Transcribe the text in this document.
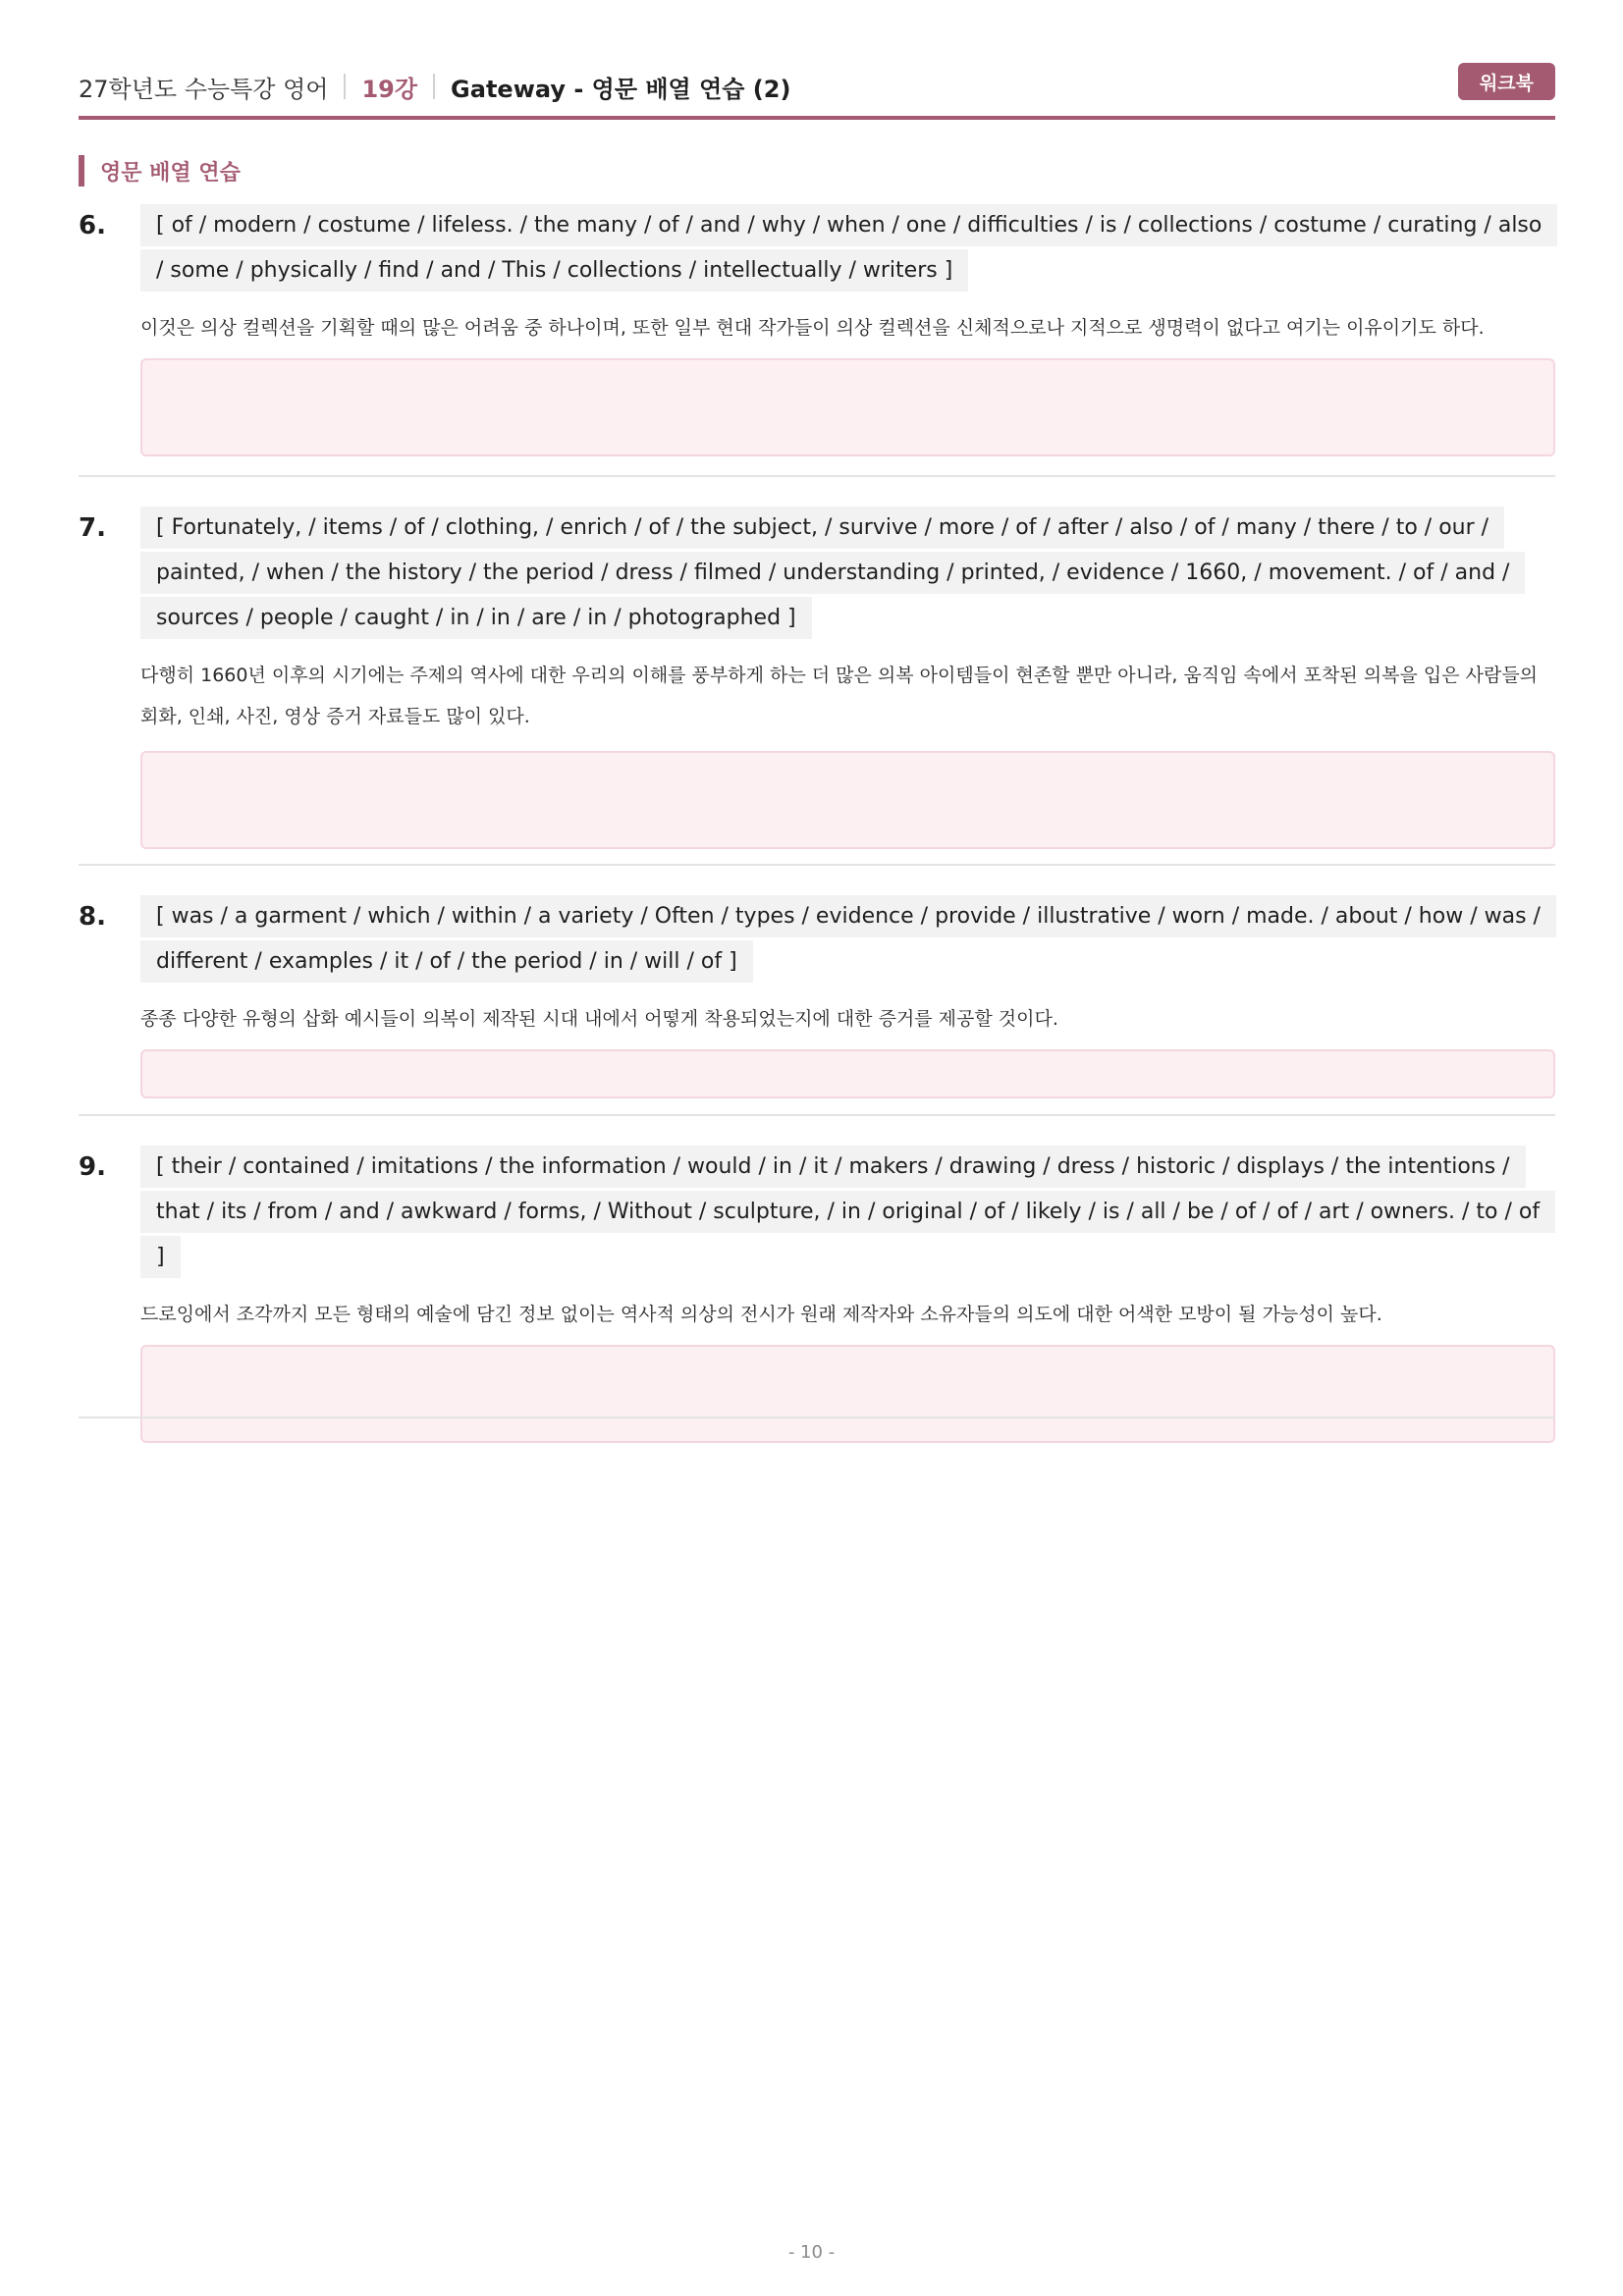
27학년도 수능특강 영어 19강 Gateway - 영문 배열 연습 (2)	워크북
영문 배열 연습
6.	[ of / modern / costume / lifeless. / the many / of / and / why / when / one / difficulties / is / collections / costume / curating / also / some / physically / find / and / This / collections / intellectually / writers ]
이것은 의상 컬렉션을 기획할 때의 많은 어려움 중 하나이며, 또한 일부 현대 작가들이 의상 컬렉션을 신체적으로나 지적으로 생명력이 없다고 여기는 이유이기도 하다.
7.	[ Fortunately, / items / of / clothing, / enrich / of / the subject, / survive / more / of / after / also / of / many / there / to / our / painted, / when / the history / the period / dress / filmed / understanding / printed, / evidence / 1660, / movement. / of / and / sources / people / caught / in / in / are / in / photographed ]
다행히 1660년 이후의 시기에는 주제의 역사에 대한 우리의 이해를 풍부하게 하는 더 많은 의복 아이템들이 현존할 뿐만 아니라, 움직임 속에서 포착된 의복을 입은 사람들의 회화, 인쇄, 사진, 영상 증거 자료들도 많이 있다.
8.	[ was / a garment / which / within / a variety / Often / types / evidence / provide / illustrative / worn / made. / about / how / was / different / examples / it / of / the period / in / will / of ]
종종 다양한 유형의 삽화 예시들이 의복이 제작된 시대 내에서 어떻게 착용되었는지에 대한 증거를 제공할 것이다.
9.	[ their / contained / imitations / the information / would / in / it / makers / drawing / dress / historic / displays / the intentions / that / its / from / and / awkward / forms, / Without / sculpture, / in / original / of / likely / is / all / be / of / of / art / owners. / to / of ]
드로잉에서 조각까지 모든 형태의 예술에 담긴 정보 없이는 역사적 의상의 전시가 원래 제작자와 소유자들의 의도에 대한 어색한 모방이 될 가능성이 높다.
- 10 -
